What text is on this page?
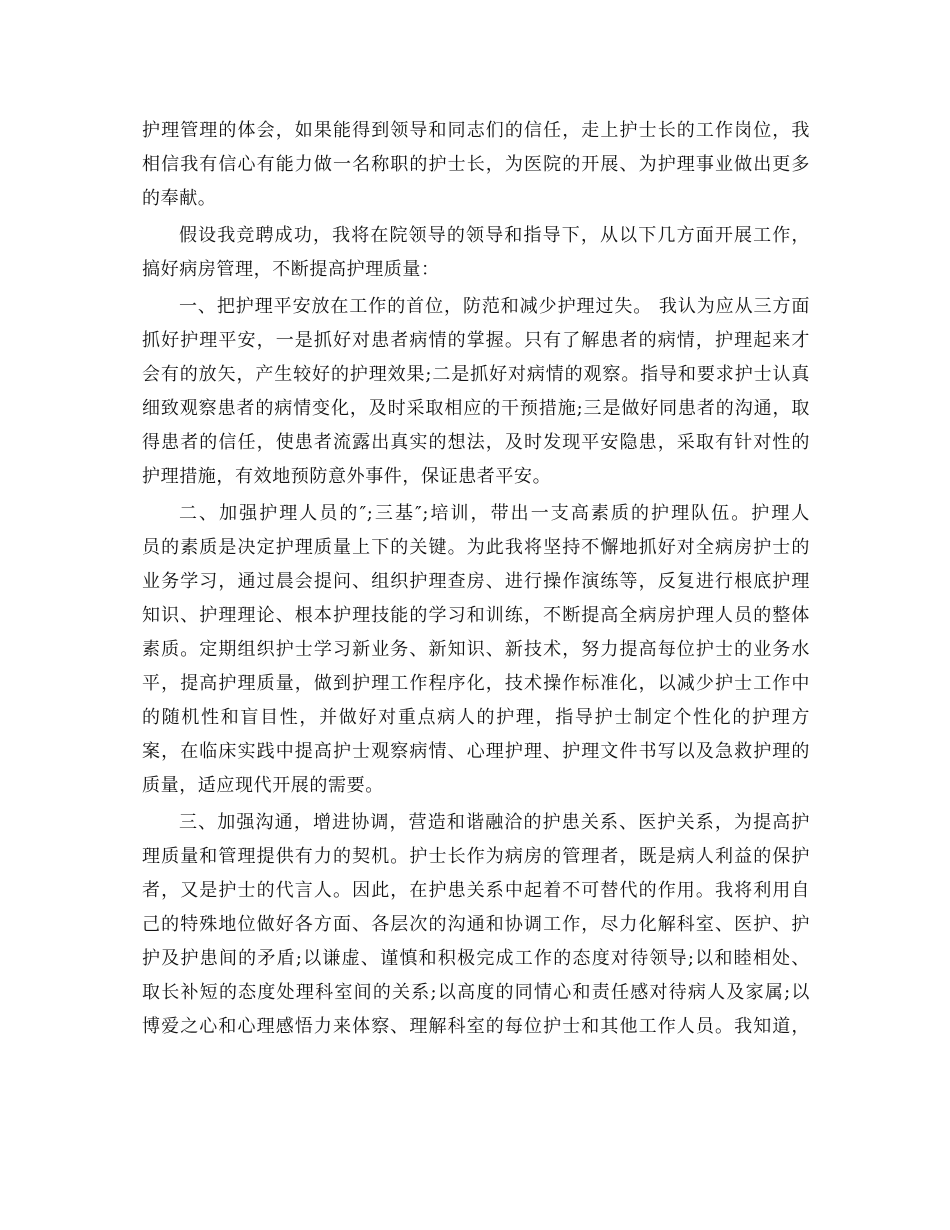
护理管理的体会，如果能得到领导和同志们的信任，走上护士长的工作岗位，我
相信我有信心有能力做一名称职的护士长，为医院的开展、为护理事业做出更多
的奉献。
假设我竞聘成功，我将在院领导的领导和指导下，从以下几方面开展工作，
搞好病房管理，不断提高护理质量：
一、把护理平安放在工作的首位，防范和减少护理过失。 我认为应从三方面
抓好护理平安，一是抓好对患者病情的掌握。只有了解患者的病情，护理起来才
会有的放矢，产生较好的护理效果;二是抓好对病情的观察。指导和要求护士认真
细致观察患者的病情变化，及时采取相应的干预措施;三是做好同患者的沟通，取
得患者的信任，使患者流露出真实的想法，及时发现平安隐患，采取有针对性的
护理措施，有效地预防意外事件，保证患者平安。
二、加强护理人员的″;三基″;培训，带出一支高素质的护理队伍。护理人
员的素质是决定护理质量上下的关键。为此我将坚持不懈地抓好对全病房护士的
业务学习，通过晨会提问、组织护理查房、进行操作演练等，反复进行根底护理
知识、护理理论、根本护理技能的学习和训练，不断提高全病房护理人员的整体
素质。定期组织护士学习新业务、新知识、新技术，努力提高每位护士的业务水
平，提高护理质量，做到护理工作程序化，技术操作标准化，以减少护士工作中
的随机性和盲目性，并做好对重点病人的护理，指导护士制定个性化的护理方
案，在临床实践中提高护士观察病情、心理护理、护理文件书写以及急救护理的
质量，适应现代开展的需要。
三、加强沟通，增进协调，营造和谐融洽的护患关系、医护关系，为提高护
理质量和管理提供有力的契机。护士长作为病房的管理者，既是病人利益的保护
者，又是护士的代言人。因此，在护患关系中起着不可替代的作用。我将利用自
己的特殊地位做好各方面、各层次的沟通和协调工作，尽力化解科室、医护、护
护及护患间的矛盾;以谦虚、谨慎和积极完成工作的态度对待领导;以和睦相处、
取长补短的态度处理科室间的关系;以高度的同情心和责任感对待病人及家属;以
博爱之心和心理感悟力来体察、理解科室的每位护士和其他工作人员。我知道，
